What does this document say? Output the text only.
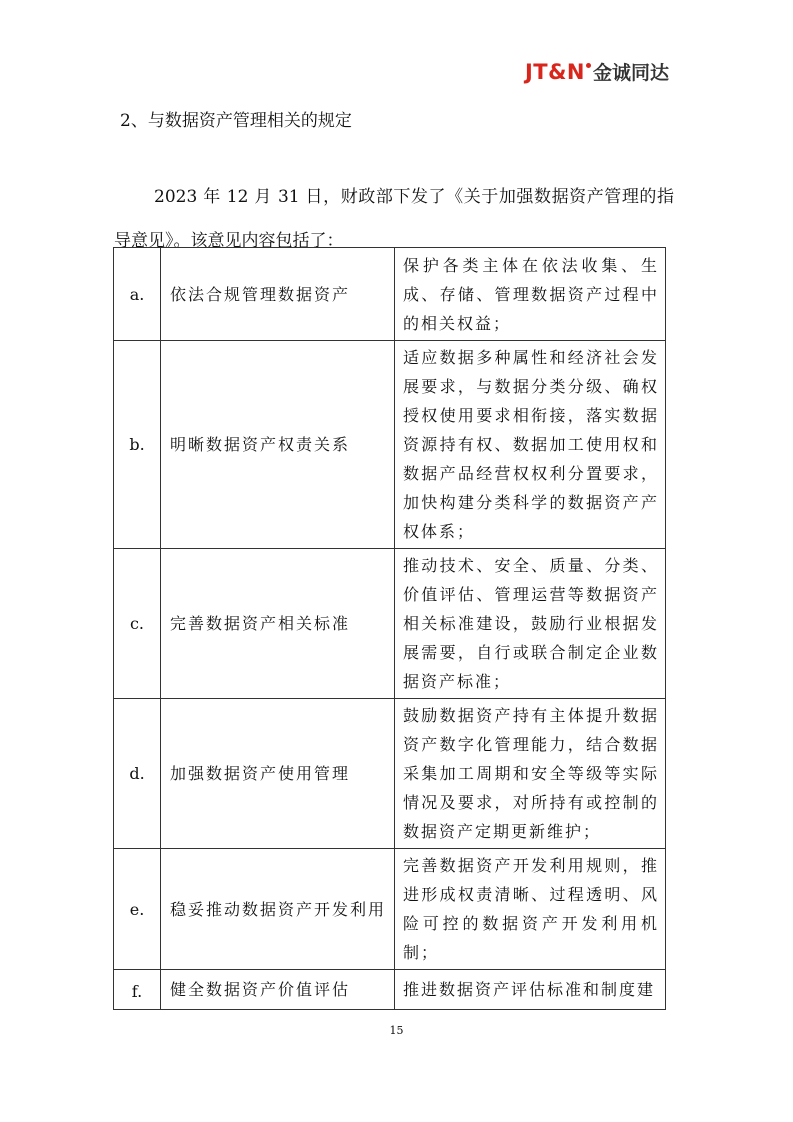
JT&N 金诚同达
2、与数据资产管理相关的规定

2023 年 12 月 31 日，财政部下发了《关于加强数据资产管理的指导意见》。该意见内容包括了：

a.	依法合规管理数据资产	保护各类主体在依法收集、生成、存储、管理数据资产过程中的相关权益；
b.	明晰数据资产权责关系	适应数据多种属性和经济社会发展要求，与数据分类分级、确权授权使用要求相衔接，落实数据资源持有权、数据加工使用权和数据产品经营权权利分置要求，加快构建分类科学的数据资产产权体系；
c.	完善数据资产相关标准	推动技术、安全、质量、分类、价值评估、管理运营等数据资产相关标准建设，鼓励行业根据发展需要，自行或联合制定企业数据资产标准；
d.	加强数据资产使用管理	鼓励数据资产持有主体提升数据资产数字化管理能力，结合数据采集加工周期和安全等级等实际情况及要求，对所持有或控制的数据资产定期更新维护；
e.	稳妥推动数据资产开发利用	完善数据资产开发利用规则，推进形成权责清晰、过程透明、风险可控的数据资产开发利用机制；
f.	健全数据资产价值评估	推进数据资产评估标准和制度建
15
